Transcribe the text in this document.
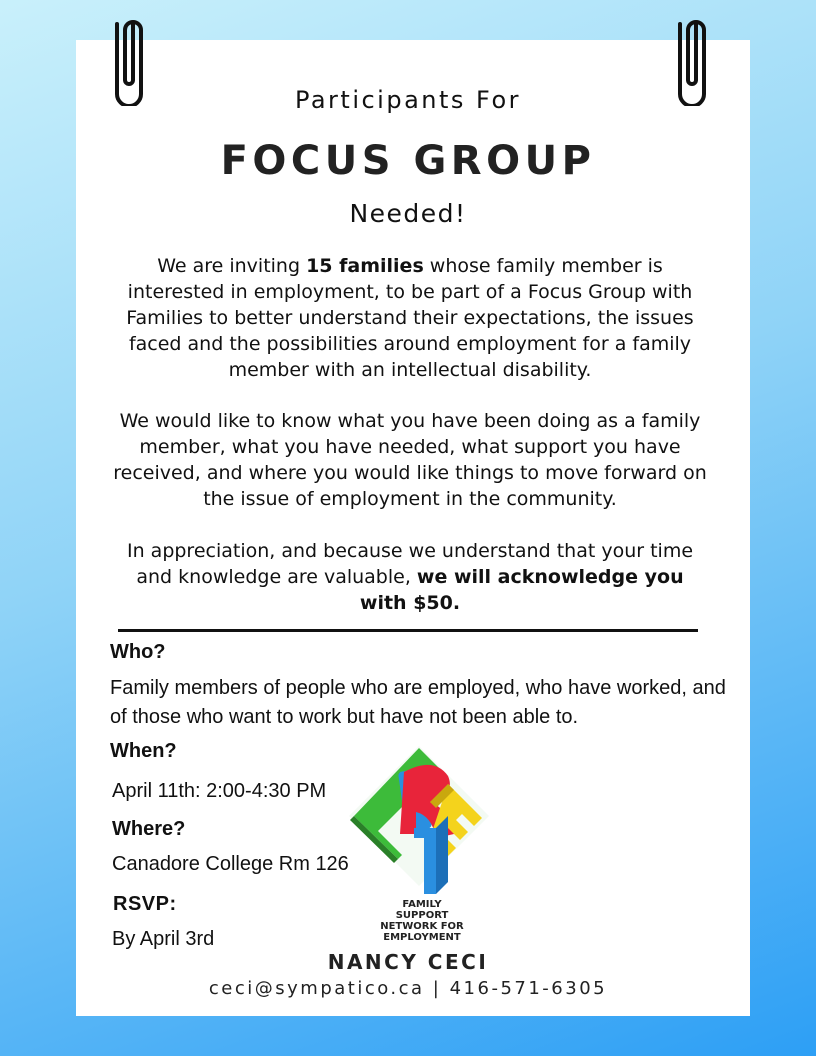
Participants For
FOCUS GROUP
Needed!
We are inviting 15 families whose family member is interested in employment, to be part of a Focus Group with Families to better understand their expectations, the issues faced and the possibilities around employment for a family member with an intellectual disability.
We would like to know what you have been doing as a family member, what you have needed, what support you have received, and where you would like things to move forward on the issue of employment in the community.
In appreciation, and because we understand that your time and knowledge are valuable, we will acknowledge you with $50.
Who?
Family members of people who are employed, who have worked, and of those who want to work but have not been able to.
When?
April 11th: 2:00-4:30 PM
Where?
Canadore College Rm 126
RSVP:
By April 3rd
FAMILY
SUPPORT
NETWORK FOR
EMPLOYMENT
NANCY CECI
ceci@sympatico.ca | 416-571-6305
